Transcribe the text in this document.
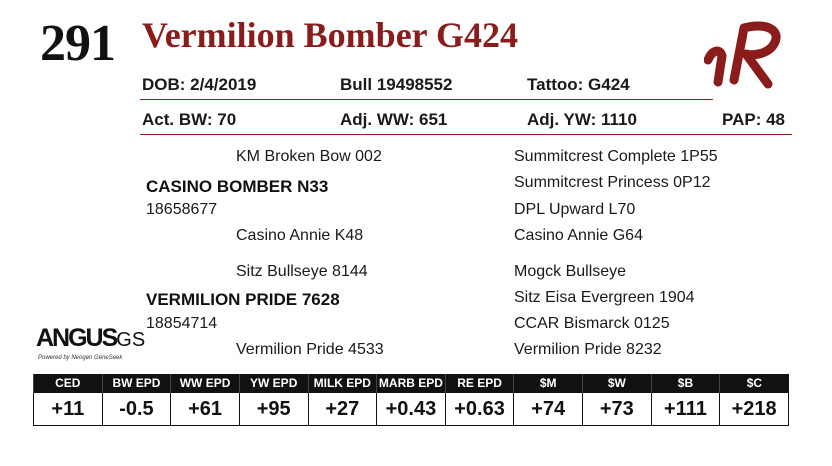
291 Vermilion Bomber G424
DOB: 2/4/2019	Bull 19498552	Tattoo: G424
Act. BW: 70	Adj. WW: 651	Adj. YW: 1110	PAP: 48
KM Broken Bow 002
CASINO BOMBER N33
18658677
Casino Annie K48
Summitcrest Complete 1P55
Summitcrest Princess 0P12
DPL Upward L70
Casino Annie G64
Sitz Bullseye 8144
VERMILION PRIDE 7628
18854714
Vermilion Pride 4533
Mogck Bullseye
Sitz Eisa Evergreen 1904
CCAR Bismarck 0125
Vermilion Pride 8232
ANGUSGS
Powered by Neogen GeneSeek
CED	BW EPD	WW EPD	YW EPD	MILK EPD	MARB EPD	RE EPD	$M	$W	$B	$C
+11	-0.5	+61	+95	+27	+0.43	+0.63	+74	+73	+111	+218
